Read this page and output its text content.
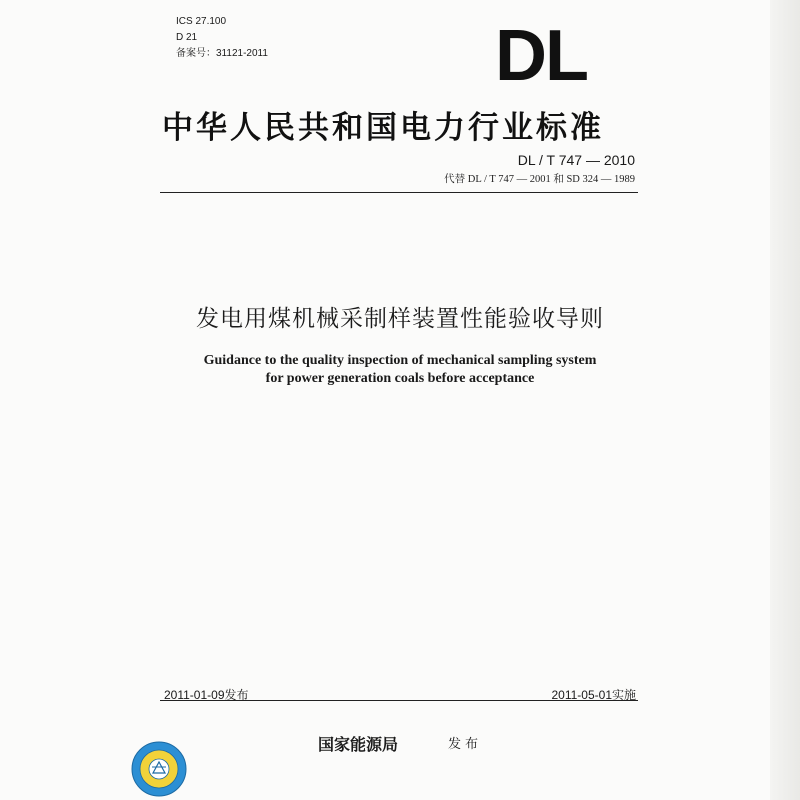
ICS 27.100
D 21
备案号：31121-2011	DL
中华人民共和国电力行业标准
DL / T 747 — 2010
代替 DL / T 747 — 2001 和 SD 324 — 1989
发电用煤机械采制样装置性能验收导则
Guidance to the quality inspection of mechanical sampling system
for power generation coals before acceptance
2011-01-09发布	2011-05-01实施
国家能源局	发布
